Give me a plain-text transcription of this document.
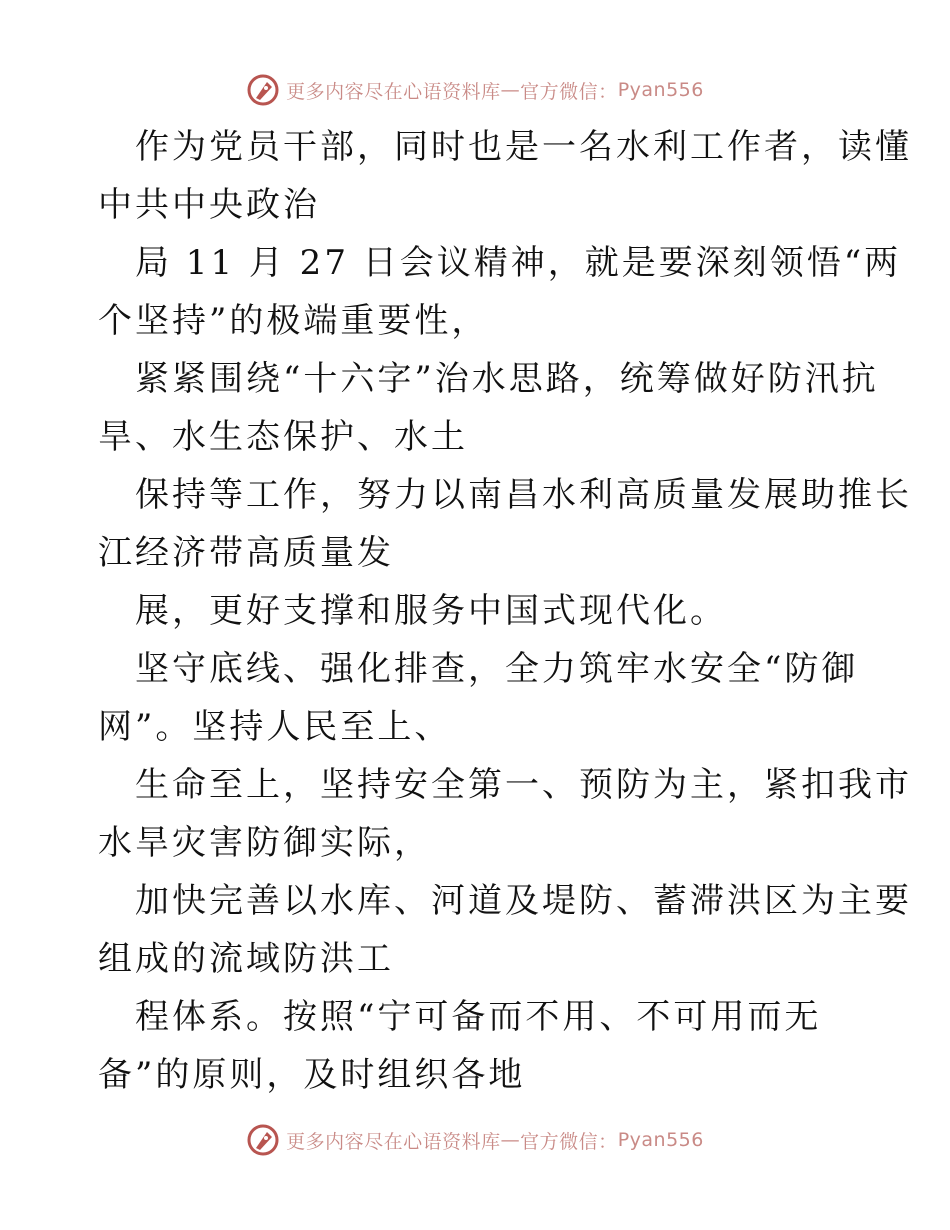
更多内容尽在心语资料库 — 官方微信： Pyan556

作为党员干部，同时也是一名水利工作者，读懂
中共中央政治

局 11 月 27 日会议精神，就是要深刻领悟“两
个坚持”的极端重要性，

紧紧围绕“十六字”治水思路，统筹做好防汛抗
旱、水生态保护、水土

保持等工作，努力以南昌水利高质量发展助推长
江经济带高质量发

展，更好支撑和服务中国式现代化。

坚守底线、强化排查，全力筑牢水安全“防御
网”。坚持人民至上、

生命至上，坚持安全第一、预防为主，紧扣我市
水旱灾害防御实际，

加快完善以水库、河道及堤防、蓄滞洪区为主要
组成的流域防洪工

程体系。按照“宁可备而不用、不可用而无
备”的原则，及时组织各地

更多内容尽在心语资料库 — 官方微信： Pyan556
